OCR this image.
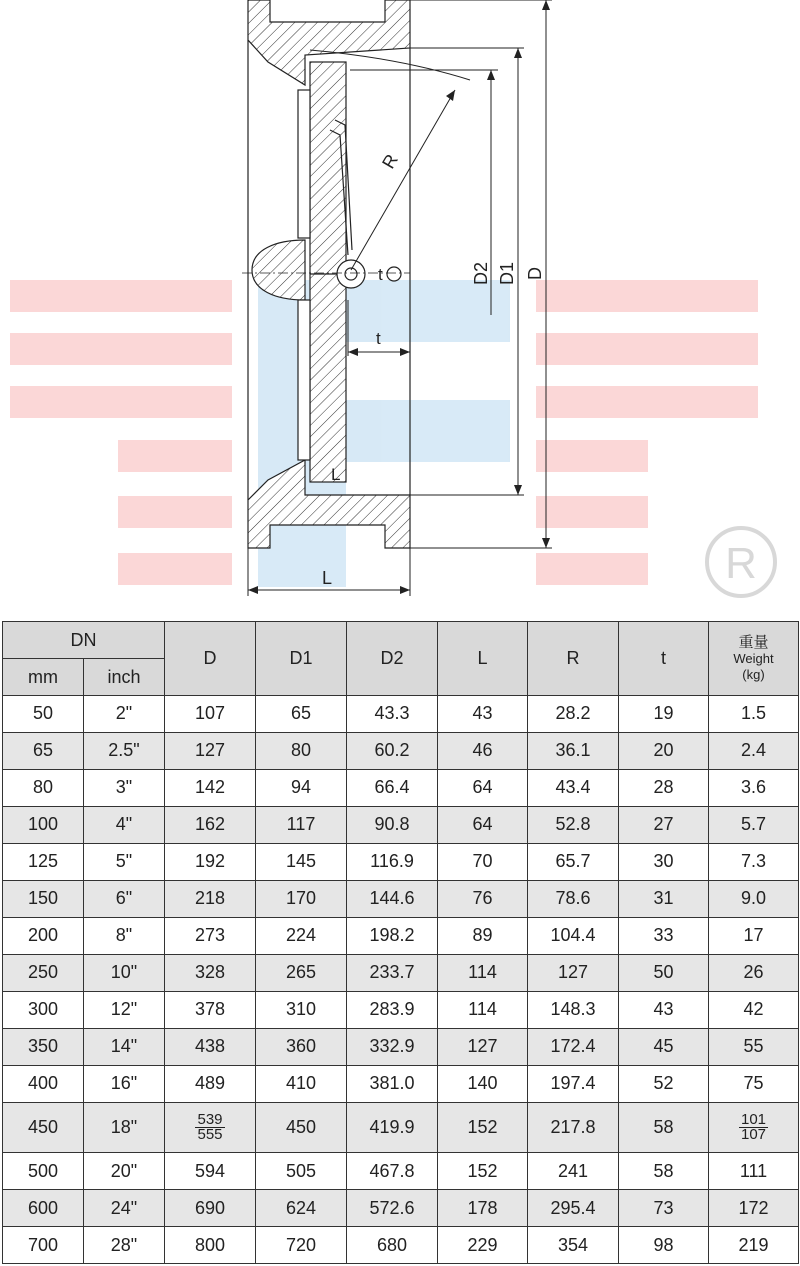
R
R
t	D2 D1 D
t
L
L
DN		D	D1	D2	L	R	t	重量
Weight
(kg)

mm	inch							
50	2"	107	65	43.3	43	28.2	19	1.5
65	2.5"	127	80	60.2	46	36.1	20	2.4
80	3"	142	94	66.4	64	43.4	28	3.6
100	4"	162	117	90.8	64	52.8	27	5.7
125	5"	192	145	116.9	70	65.7	30	7.3
150	6"	218	170	144.6	76	78.6	31	9.0
200	8"	273	224	198.2	89	104.4	33	17
250	10"	328	265	233.7	114	127	50	26
300	12"	378	310	283.9	114	148.3	43	42
350	14"	438	360	332.9	127	172.4	45	55
400	16"	489	410	381.0	140	197.4	52	75
450	18"	$\frac{539}{555}$	450	419.9	152	217.8	58	$\frac{101}{107}$

500	20"	594	505	467.8	152	241	58	111
600	24"	690	624	572.6	178	295.4	73	172
700	28"	800	720	680	229	354	98	219
